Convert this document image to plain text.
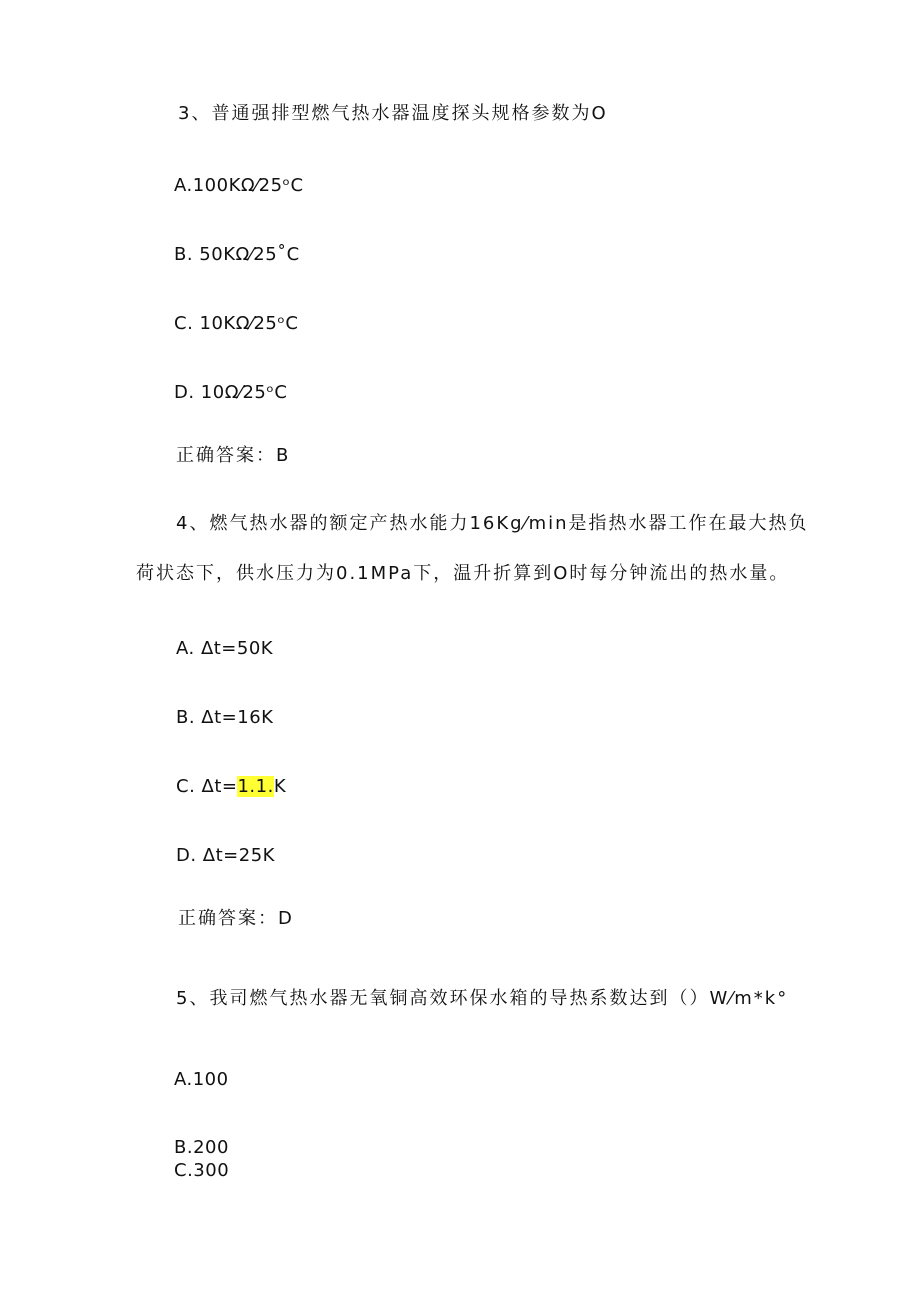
3、普通强排型燃气热水器温度探头规格参数为O
A.100KΩ⁄25ᵒC
B. 50KΩ⁄25˚C
C. 10KΩ⁄25ᵒC
D. 10Ω⁄25ᵒC
正确答案：B
4、燃气热水器的额定产热水能力16Kg⁄min是指热水器工作在最大热负
荷状态下，供水压力为0.1MPa下，温升折算到O时每分钟流出的热水量。
A. Δt=50K
B. Δt=16K
C. Δt=1.1.K
D. Δt=25K
正确答案：D
5、我司燃气热水器无氧铜高效环保水箱的导热系数达到（）W⁄m*k°
A.100
B.200
C.300
